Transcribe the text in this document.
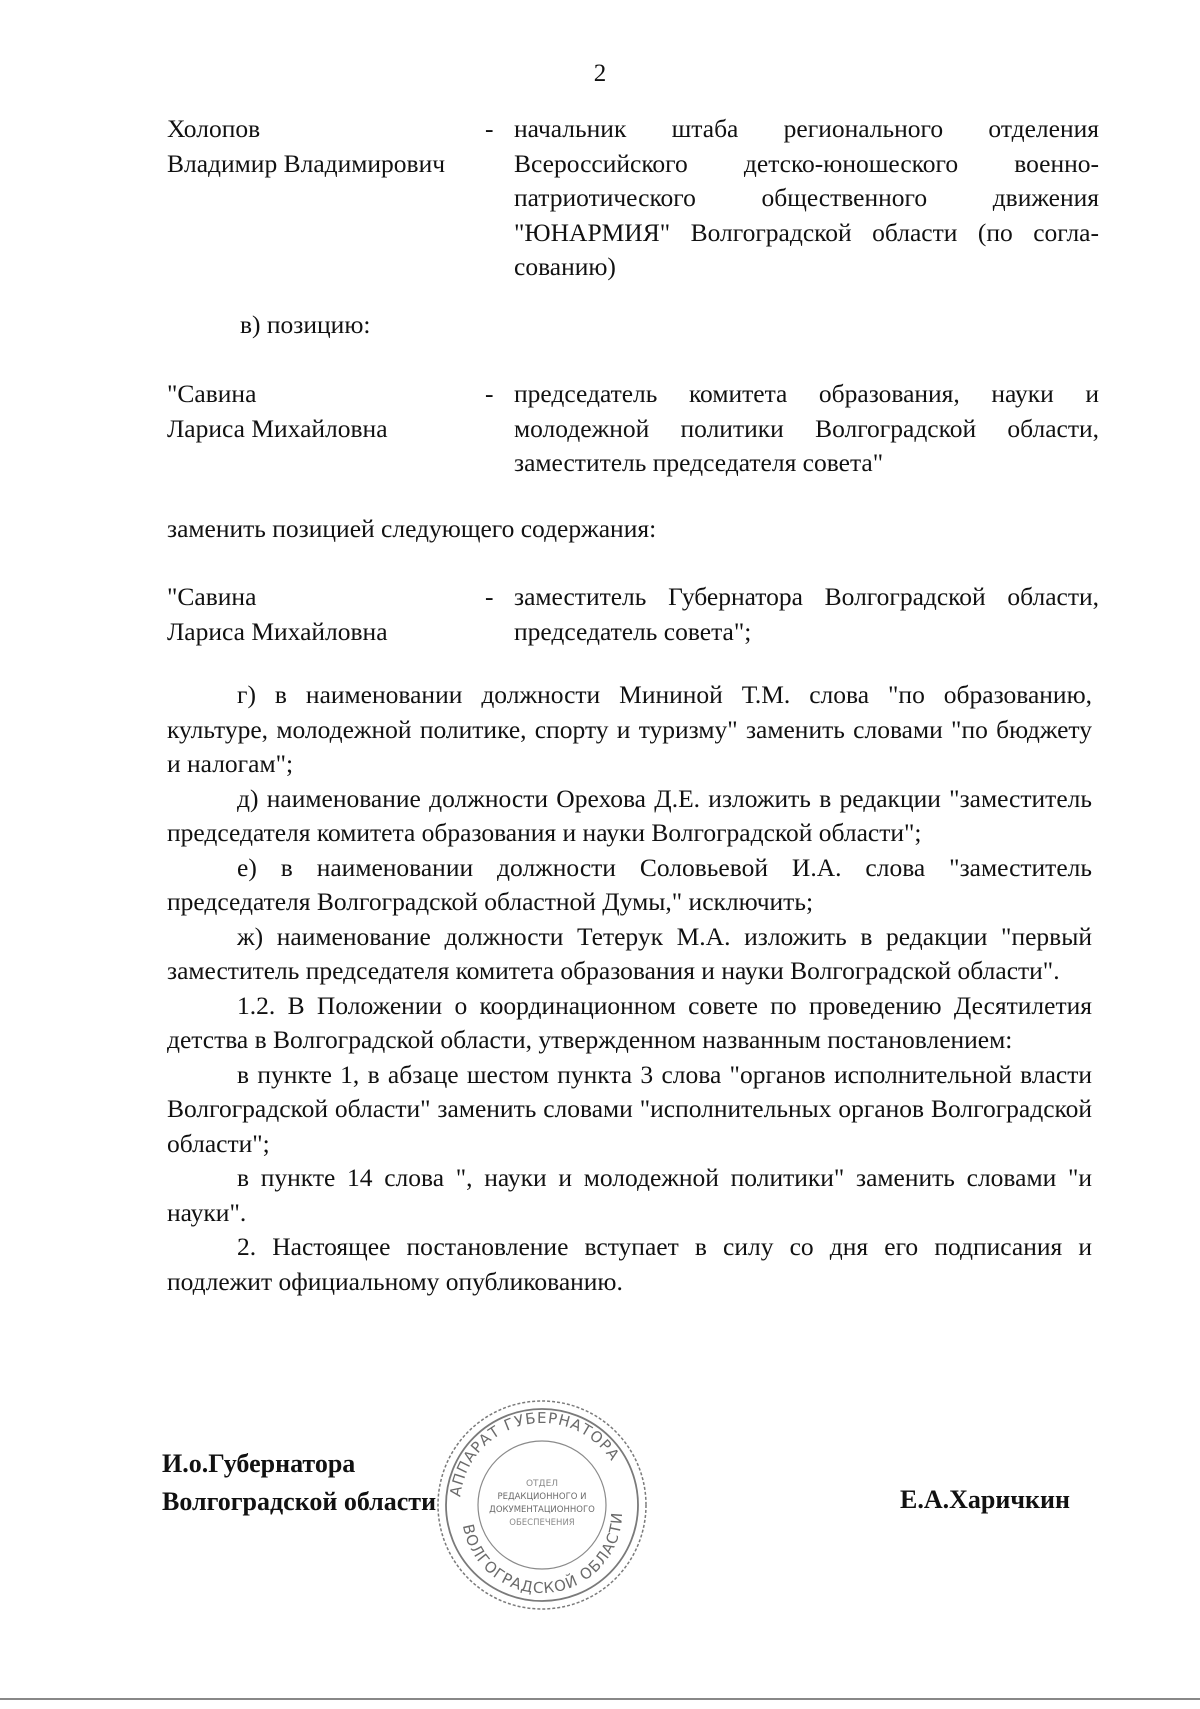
2
Холопов
Владимир Владимирович
- начальник штаба регионального отделения Всероссийского детско-юношеского военно-патриотического общественного движения "ЮНАРМИЯ" Волгоградской области (по согла-сованию)
в) позицию:
"Савина
Лариса Михайловна
- председатель комитета образования, науки и молодежной политики Волгоградской области, заместитель председателя совета"
заменить позицией следующего содержания:
"Савина
Лариса Михайловна
- заместитель Губернатора Волгоградской области, председатель совета";

г) в наименовании должности Мининой Т.М. слова "по образованию, культуре, молодежной политике, спорту и туризму" заменить словами "по бюджету и налогам";

д) наименование должности Орехова Д.Е. изложить в редакции "заместитель председателя комитета образования и науки Волгоградской области";

е) в наименовании должности Соловьевой И.А. слова "заместитель председателя Волгоградской областной Думы," исключить;

ж) наименование должности Тетерук М.А. изложить в редакции "первый заместитель председателя комитета образования и науки Волгоградской области".

1.2. В Положении о координационном совете по проведению Десятилетия детства в Волгоградской области, утвержденном названным постановлением:

в пункте 1, в абзаце шестом пункта 3 слова "органов исполнительной власти Волгоградской области" заменить словами "исполнительных органов Волгоградской области";

в пункте 14 слова ", науки и молодежной политики" заменить словами "и науки".

2. Настоящее постановление вступает в силу со дня его подписания и подлежит официальному опубликованию.

АППАРАТ ГУБЕРНАТОРА
ВОЛГОГРАДСКОЙ ОБЛАСТИ
ОТДЕЛ
РЕДАКЦИОННОГО И
ДОКУМЕНТАЦИОННОГО
ОБЕСПЕЧЕНИЯ
И.о.Губернатора
Волгоградской области	Е.А.Харичкин
